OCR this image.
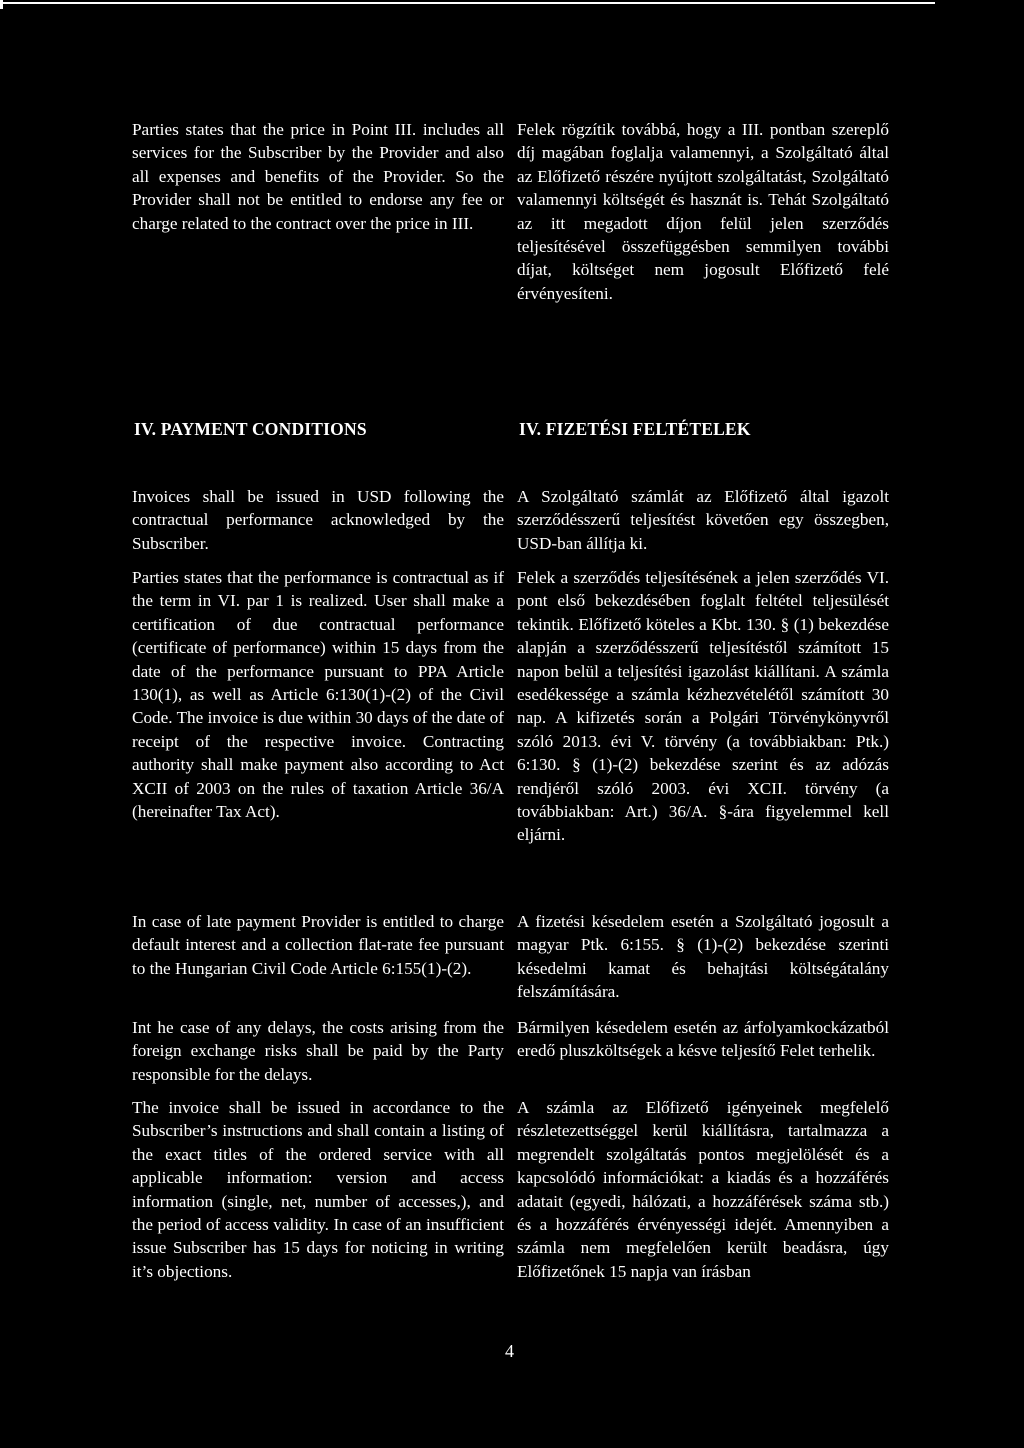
Parties states that the price in Point III. includes all services for the Subscriber by the Provider and also all expenses and benefits of the Provider. So the Provider shall not be entitled to endorse any fee or charge related to the contract over the price in III.

IV. PAYMENT CONDITIONS

Invoices shall be issued in USD following the contractual performance acknowledged by the Subscriber.

Parties states that the performance is contractual as if the term in VI. par 1 is realized. User shall make a certification of due contractual performance (certificate of performance) within 15 days from the date of the performance pursuant to PPA Article 130(1), as well as Article 6:130(1)-(2) of the Civil Code. The invoice is due within 30 days of the date of receipt of the respective invoice. Contracting authority shall make payment also according to Act XCII of 2003 on the rules of taxation Article 36/A (hereinafter Tax Act).

In case of late payment Provider is entitled to charge default interest and a collection flat-rate fee pursuant to the Hungarian Civil Code Article 6:155(1)-(2).

Int he case of any delays, the costs arising from the foreign exchange risks shall be paid by the Party responsible for the delays.

The invoice shall be issued in accordance to the Subscriber’s instructions and shall contain a listing of the exact titles of the ordered service with all applicable information: version and access information (single, net, number of accesses,), and the period of access validity. In case of an insufficient issue Subscriber has 15 days for noticing in writing it’s objections.

Felek rögzítik továbbá, hogy a III. pontban szereplő díj magában foglalja valamennyi, a Szolgáltató által az Előfizető részére nyújtott szolgáltatást, Szolgáltató valamennyi költségét és hasznát is. Tehát Szolgáltató az itt megadott díjon felül jelen szerződés teljesítésével összefüggésben semmilyen további díjat, költséget nem jogosult Előfizető felé érvényesíteni.

IV. FIZETÉSI FELTÉTELEK

A Szolgáltató számlát az Előfizető által igazolt szerződésszerű teljesítést követően egy összegben, USD-ban állítja ki.

Felek a szerződés teljesítésének a jelen szerződés VI. pont első bekezdésében foglalt feltétel teljesülését tekintik. Előfizető köteles a Kbt. 130. § (1) bekezdése alapján a szerződésszerű teljesítéstől számított 15 napon belül a teljesítési igazolást kiállítani. A számla esedékessége a számla kézhezvételétől számított 30 nap. A kifizetés során a Polgári Törvénykönyvről szóló 2013. évi V. törvény (a továbbiakban: Ptk.) 6:130. § (1)-(2) bekezdése szerint és az adózás rendjéről szóló 2003. évi XCII. törvény (a továbbiakban: Art.) 36/A. §-ára figyelemmel kell eljárni.

A fizetési késedelem esetén a Szolgáltató jogosult a magyar Ptk. 6:155. § (1)-(2) bekezdése szerinti késedelmi kamat és behajtási költségátalány felszámítására.

Bármilyen késedelem esetén az árfolyamkockázatból eredő pluszköltségek a késve teljesítő Felet terhelik.

A számla az Előfizető igényeinek megfelelő részletezettséggel kerül kiállításra, tartalmazza a megrendelt szolgáltatás pontos megjelölését és a kapcsolódó információkat: a kiadás és a hozzáférés adatait (egyedi, hálózati, a hozzáférések száma stb.) és a hozzáférés érvényességi idejét. Amennyiben a számla nem megfelelően került beadásra, úgy Előfizetőnek 15 napja van írásban

4
